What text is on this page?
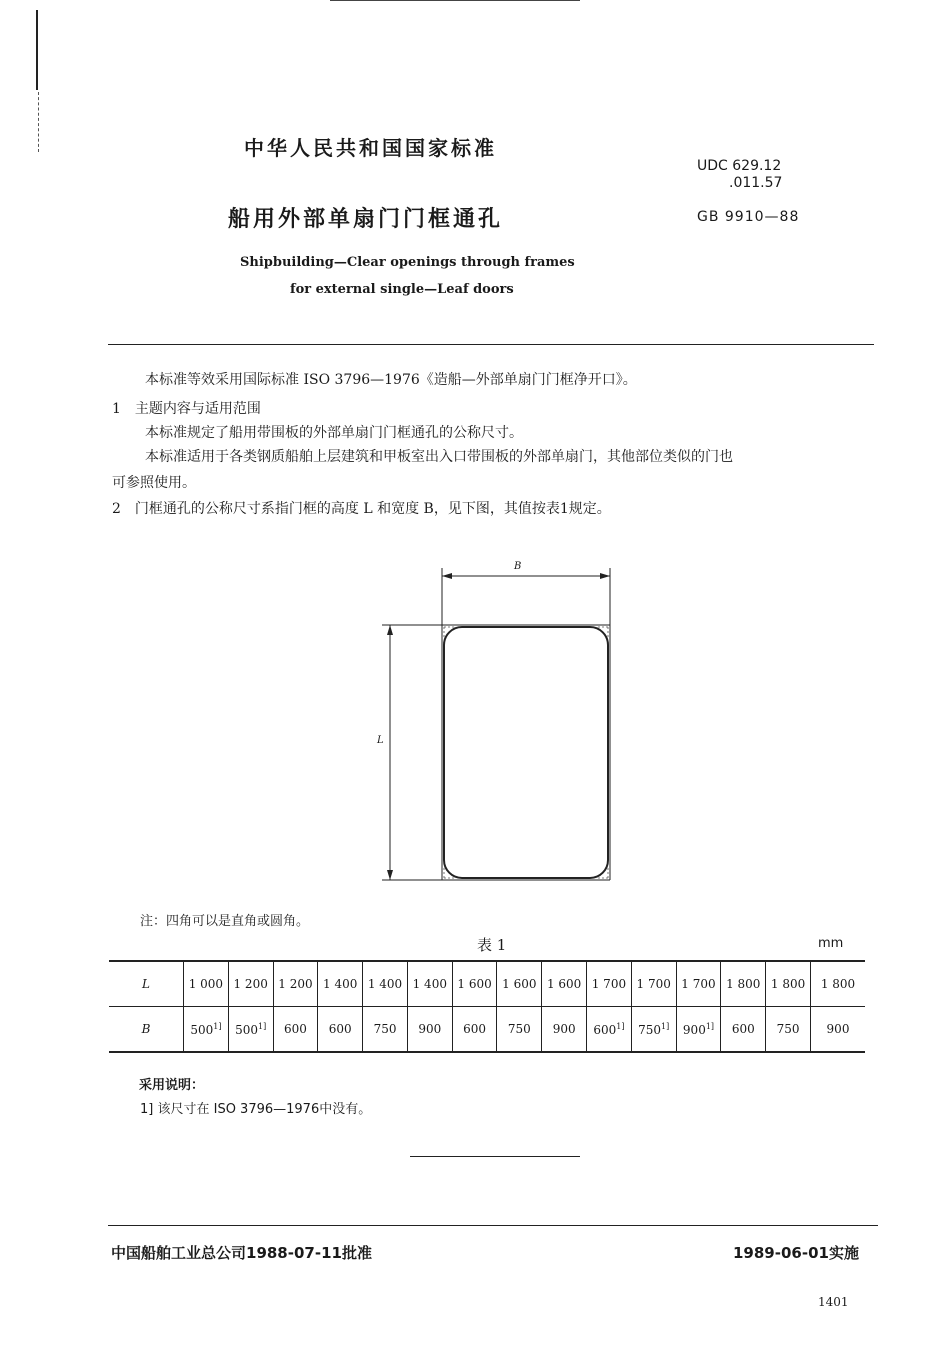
中华人民共和国国家标准
UDC 629.12
.011.57
船用外部单扇门门框通孔	GB 9910—88
Shipbuilding—Clear openings through frames
for external single—Leaf doors
本标准等效采用国际标准 ISO 3796—1976《造船—外部单扇门门框净开口》。
1　主题内容与适用范围
本标准规定了船用带围板的外部单扇门门框通孔的公称尺寸。
本标准适用于各类钢质船舶上层建筑和甲板室出入口带围板的外部单扇门，其他部位类似的门也
可参照使用。
2　门框通孔的公称尺寸系指门框的高度 L 和宽度 B，见下图，其值按表1规定。
B
L
注：四角可以是直角或圆角。
表 1	mm
L	1 000	1 200	1 200	1 400	1 400	1 400	1 600	1 600	1 600	1 700	1 700	1 700	1 800	1 800	1 800
B	$500^{1]}$	$500^{1]}$	600	600	750	900	600	750	900	$600^{1]}$	$750^{1]}$	$900^{1]}$	600	750	900
采用说明：
1] 该尺寸在 ISO 3796—1976中没有。
中国船舶工业总公司1988-07-11批准	1989-06-01实施
1401
